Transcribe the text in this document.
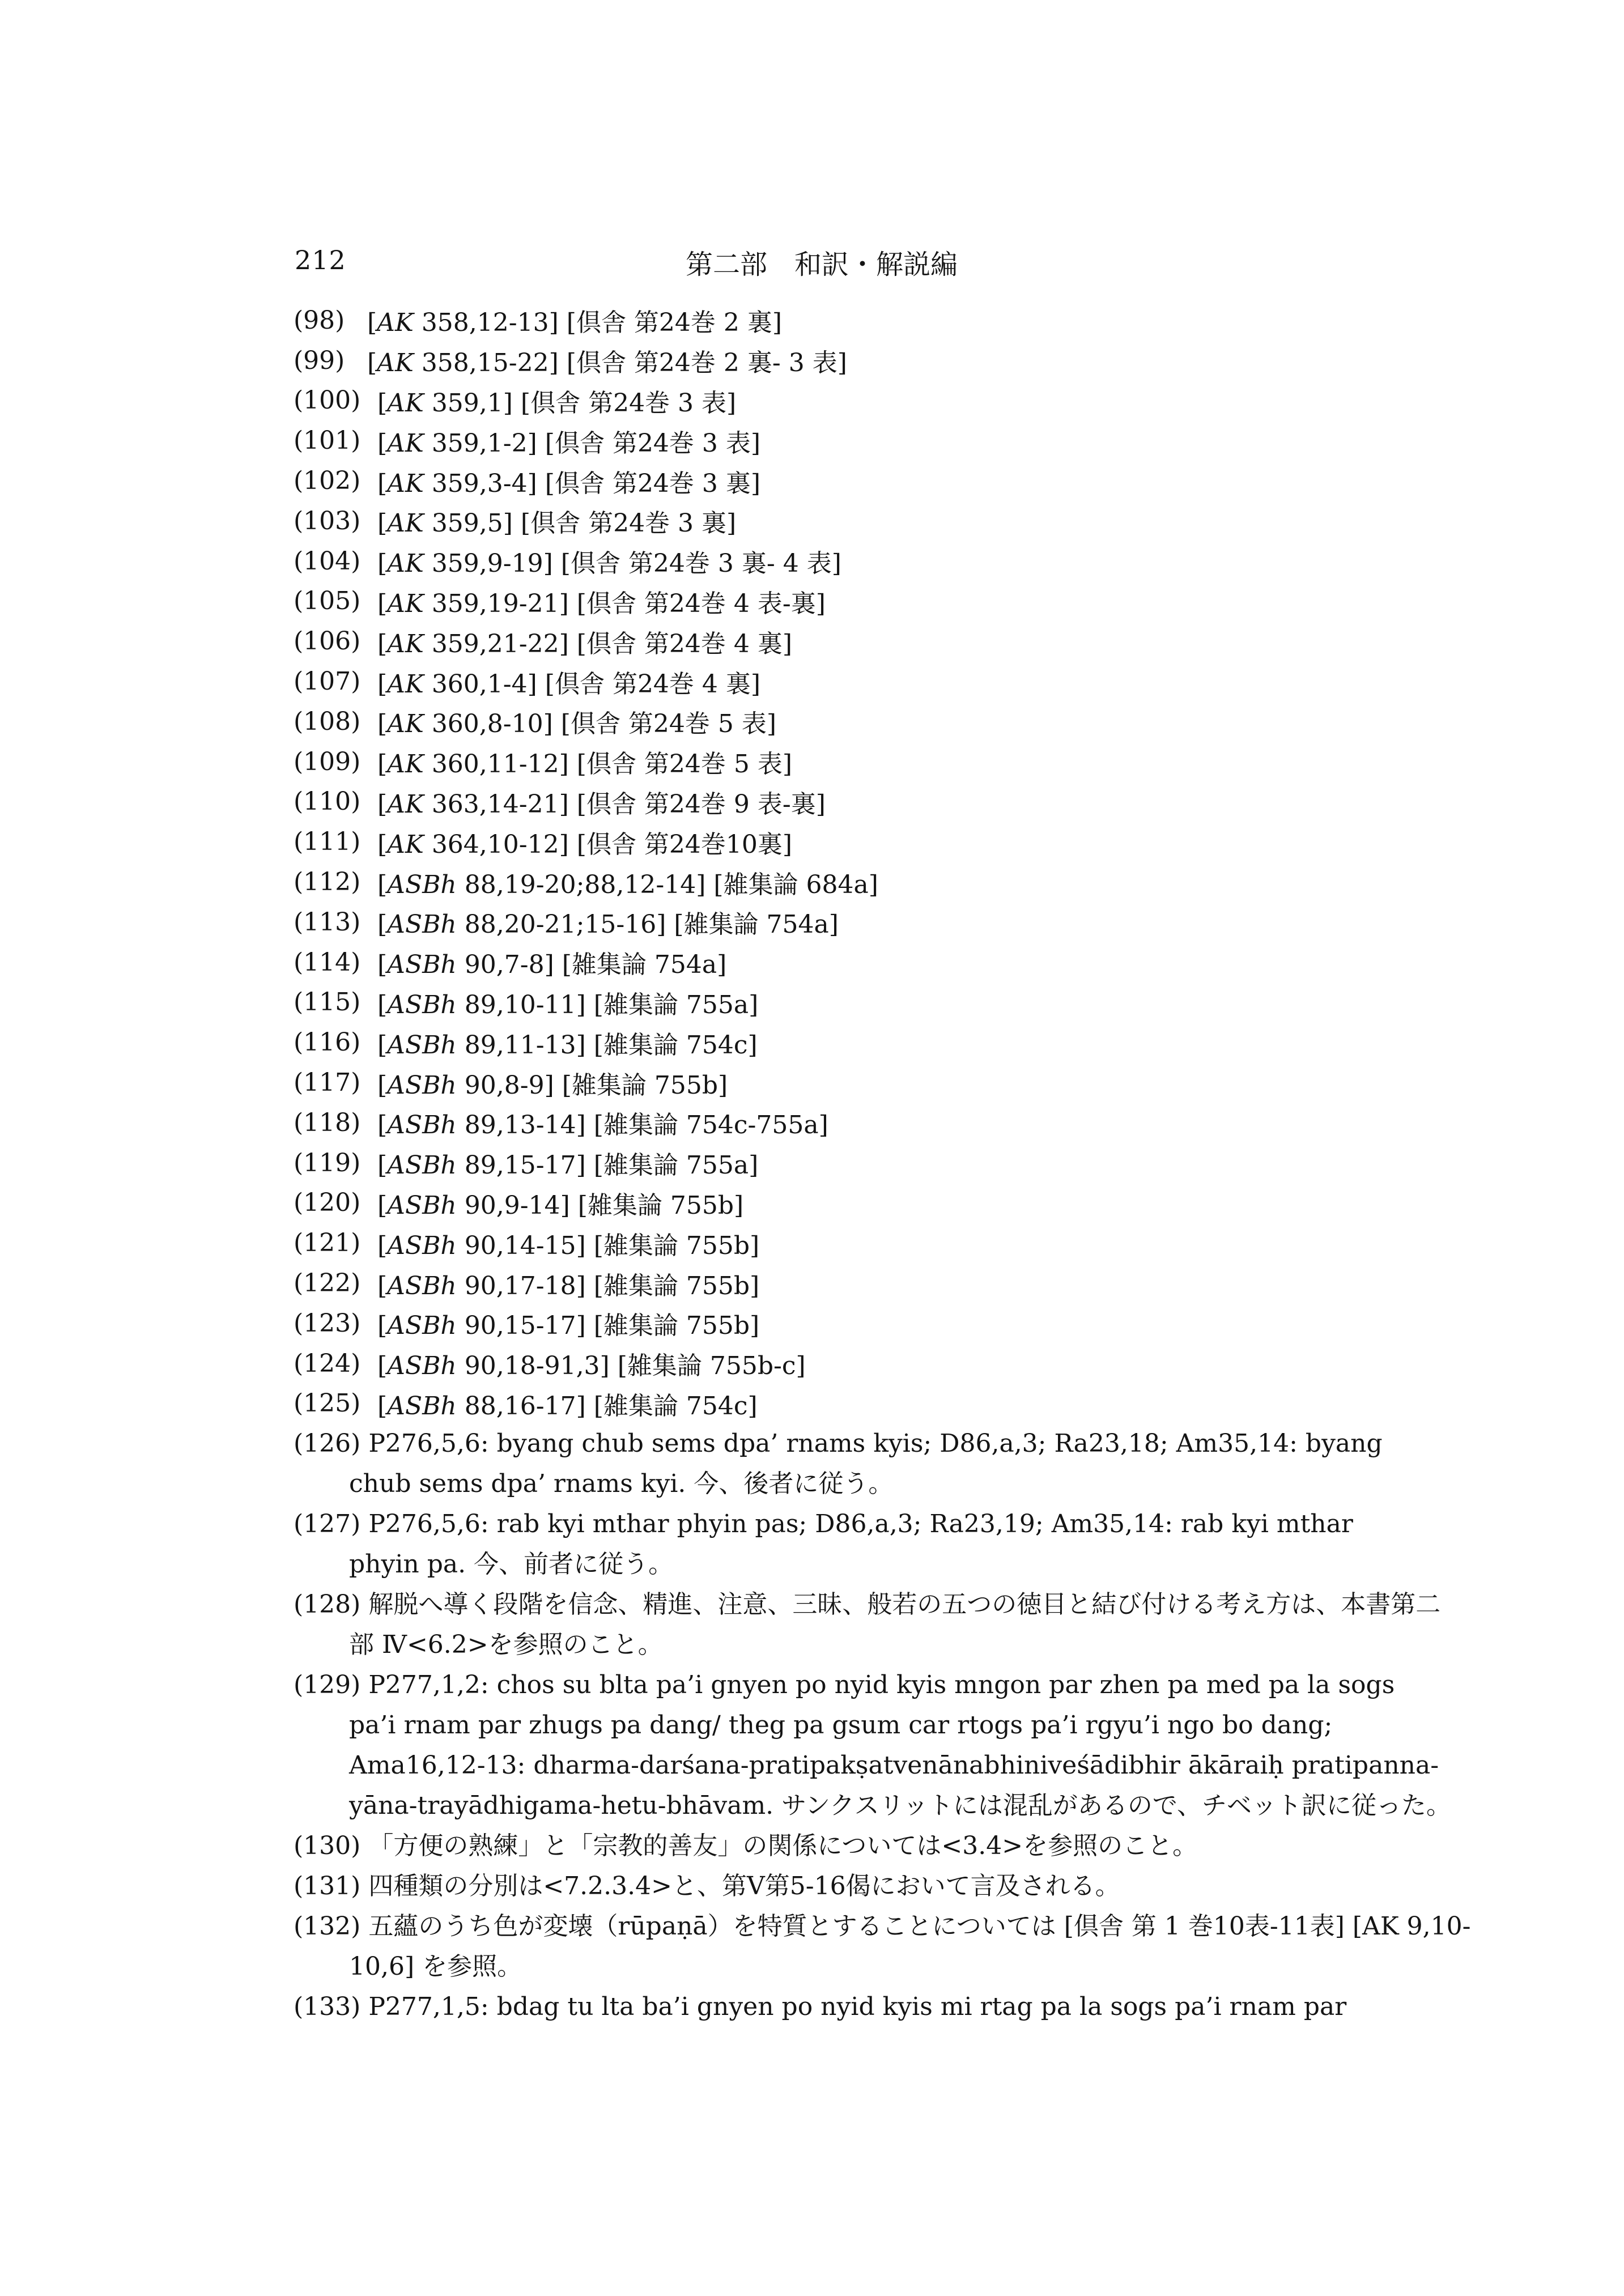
212	第二部　和訳・解説編
(98) [AK 358,12-13] [倶舎 第24巻 2 裏]
(99) [AK 358,15-22] [倶舎 第24巻 2 裏- 3 表]
(100) [AK 359,1] [倶舎 第24巻 3 表]
(101) [AK 359,1-2] [倶舎 第24巻 3 表]
(102) [AK 359,3-4] [倶舎 第24巻 3 裏]
(103) [AK 359,5] [倶舎 第24巻 3 裏]
(104) [AK 359,9-19] [倶舎 第24巻 3 裏- 4 表]
(105) [AK 359,19-21] [倶舎 第24巻 4 表-裏]
(106) [AK 359,21-22] [倶舎 第24巻 4 裏]
(107) [AK 360,1-4] [倶舎 第24巻 4 裏]
(108) [AK 360,8-10] [倶舎 第24巻 5 表]
(109) [AK 360,11-12] [倶舎 第24巻 5 表]
(110) [AK 363,14-21] [倶舎 第24巻 9 表-裏]
(111) [AK 364,10-12] [倶舎 第24巻10裏]
(112) [ASBh 88,19-20;88,12-14] [雑集論 684a]
(113) [ASBh 88,20-21;15-16] [雑集論 754a]
(114) [ASBh 90,7-8] [雑集論 754a]
(115) [ASBh 89,10-11] [雑集論 755a]
(116) [ASBh 89,11-13] [雑集論 754c]
(117) [ASBh 90,8-9] [雑集論 755b]
(118) [ASBh 89,13-14] [雑集論 754c-755a]
(119) [ASBh 89,15-17] [雑集論 755a]
(120) [ASBh 90,9-14] [雑集論 755b]
(121) [ASBh 90,14-15] [雑集論 755b]
(122) [ASBh 90,17-18] [雑集論 755b]
(123) [ASBh 90,15-17] [雑集論 755b]
(124) [ASBh 90,18-91,3] [雑集論 755b-c]
(125) [ASBh 88,16-17] [雑集論 754c]
(126) P276,5,6: byang chub sems dpa’ rnams kyis; D86,a,3; Ra23,18; Am35,14: byang
chub sems dpa’ rnams kyi. 今、後者に従う。
(127) P276,5,6: rab kyi mthar phyin pas; D86,a,3; Ra23,19; Am35,14: rab kyi mthar
phyin pa. 今、前者に従う。
(128) 解脱へ導く段階を信念、精進、注意、三昧、般若の五つの徳目と結び付ける考え方は、本書第二
部 Ⅳ<6.2>を参照のこと。
(129) P277,1,2: chos su blta pa’i gnyen po nyid kyis mngon par zhen pa med pa la sogs
pa’i rnam par zhugs pa dang/ theg pa gsum car rtogs pa’i rgyu’i ngo bo dang;
Ama16,12-13: dharma-darśana-pratipakṣatvenānabhiniveśādibhir ākāraiḥ pratipanna-
yāna-trayādhigama-hetu-bhāvam. サンクスリットには混乱があるので、チベット訳に従った。
(130) 「方便の熟練」と「宗教的善友」の関係については<3.4>を参照のこと。
(131) 四種類の分別は<7.2.3.4>と、第Ⅴ第5-16偈において言及される。
(132) 五蘊のうち色が変壊（rūpaṇā）を特質とすることについては [倶舎 第 1 巻10表-11表] [AK 9,10-
10,6] を参照。
(133) P277,1,5: bdag tu lta ba’i gnyen po nyid kyis mi rtag pa la sogs pa’i rnam par
